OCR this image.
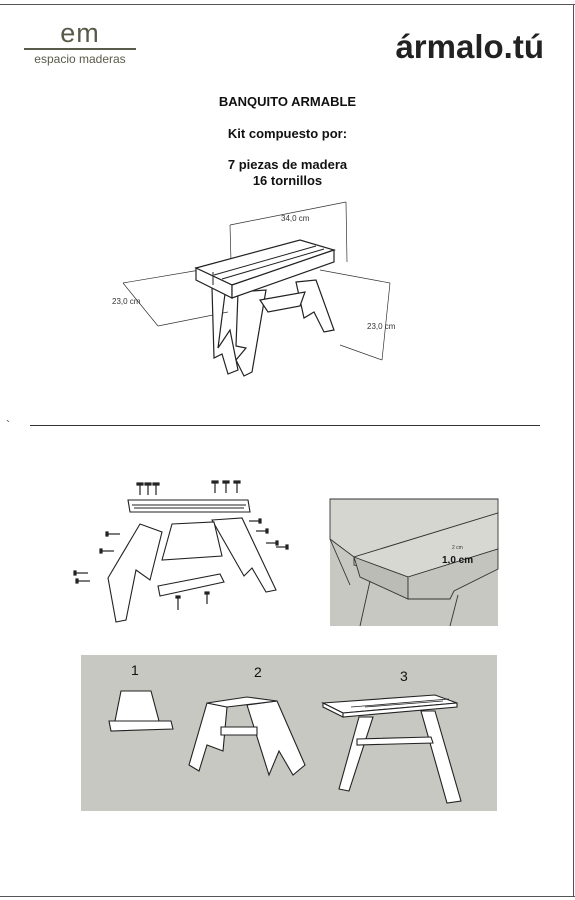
em
espacio maderas	ármalo.tú
BANQUITO ARMABLE
Kit compuesto por:
7 piezas de madera
16 tornillos
34,0 cm
23,0 cm
23,0 cm
`
1,0 cm
2 cm
1	2	3
